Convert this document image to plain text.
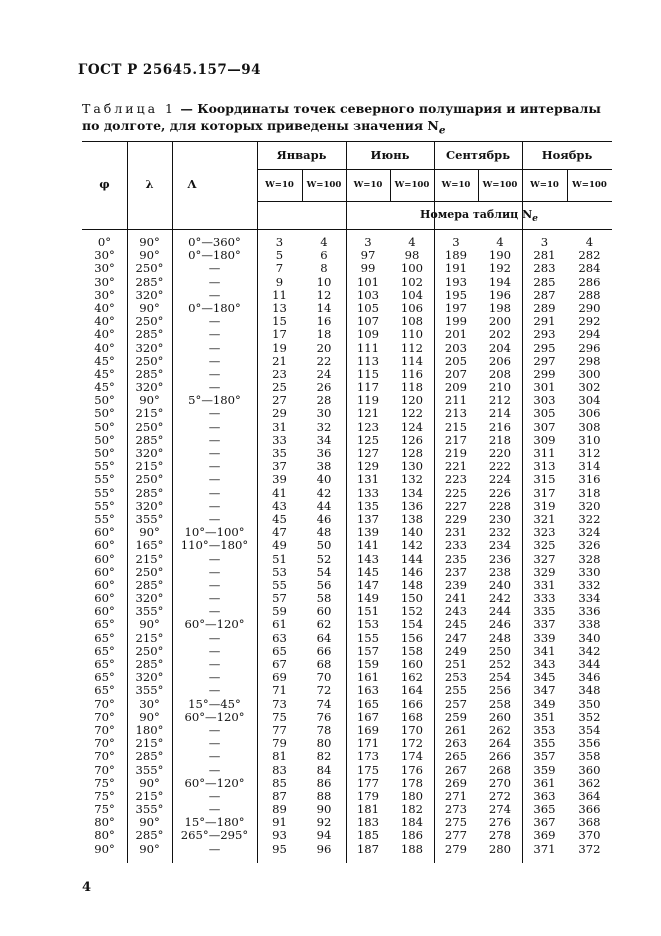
ГОСТ Р 25645.157—94
Таблица 1 — Координаты точек северного полушария и интервалы по долготе, для которых приведены значения $N_e$
φ	λ	Λ
Январь	Июнь	Сентябрь	Ноябрь
W=10	W=100	W=10	W=100	W=10	W=100	W=10	W=100
Номера таблиц $N_e$
0°	90°	0°—360°	3	4	3	4	3	4	3	4
30°	90°	0°—180°	5	6	97	98	189	190	281	282
30°	250°	—	7	8	99	100	191	192	283	284
30°	285°	—	9	10	101	102	193	194	285	286
30°	320°	—	11	12	103	104	195	196	287	288
40°	90°	0°—180°	13	14	105	106	197	198	289	290
40°	250°	—	15	16	107	108	199	200	291	292
40°	285°	—	17	18	109	110	201	202	293	294
40°	320°	—	19	20	111	112	203	204	295	296
45°	250°	—	21	22	113	114	205	206	297	298
45°	285°	—	23	24	115	116	207	208	299	300
45°	320°	—	25	26	117	118	209	210	301	302
50°	90°	5°—180°	27	28	119	120	211	212	303	304
50°	215°	—	29	30	121	122	213	214	305	306
50°	250°	—	31	32	123	124	215	216	307	308
50°	285°	—	33	34	125	126	217	218	309	310
50°	320°	—	35	36	127	128	219	220	311	312
55°	215°	—	37	38	129	130	221	222	313	314
55°	250°	—	39	40	131	132	223	224	315	316
55°	285°	—	41	42	133	134	225	226	317	318
55°	320°	—	43	44	135	136	227	228	319	320
55°	355°	—	45	46	137	138	229	230	321	322
60°	90°	10°—100°	47	48	139	140	231	232	323	324
60°	165°	110°—180°	49	50	141	142	233	234	325	326
60°	215°	—	51	52	143	144	235	236	327	328
60°	250°	—	53	54	145	146	237	238	329	330
60°	285°	—	55	56	147	148	239	240	331	332
60°	320°	—	57	58	149	150	241	242	333	334
60°	355°	—	59	60	151	152	243	244	335	336
65°	90°	60°—120°	61	62	153	154	245	246	337	338
65°	215°	—	63	64	155	156	247	248	339	340
65°	250°	—	65	66	157	158	249	250	341	342
65°	285°	—	67	68	159	160	251	252	343	344
65°	320°	—	69	70	161	162	253	254	345	346
65°	355°	—	71	72	163	164	255	256	347	348
70°	30°	15°—45°	73	74	165	166	257	258	349	350
70°	90°	60°—120°	75	76	167	168	259	260	351	352
70°	180°	—	77	78	169	170	261	262	353	354
70°	215°	—	79	80	171	172	263	264	355	356
70°	285°	—	81	82	173	174	265	266	357	358
70°	355°	—	83	84	175	176	267	268	359	360
75°	90°	60°—120°	85	86	177	178	269	270	361	362
75°	215°	—	87	88	179	180	271	272	363	364
75°	355°	—	89	90	181	182	273	274	365	366
80°	90°	15°—180°	91	92	183	184	275	276	367	368
80°	285°	265°—295°	93	94	185	186	277	278	369	370
90°	90°	—	95	96	187	188	279	280	371	372
4
